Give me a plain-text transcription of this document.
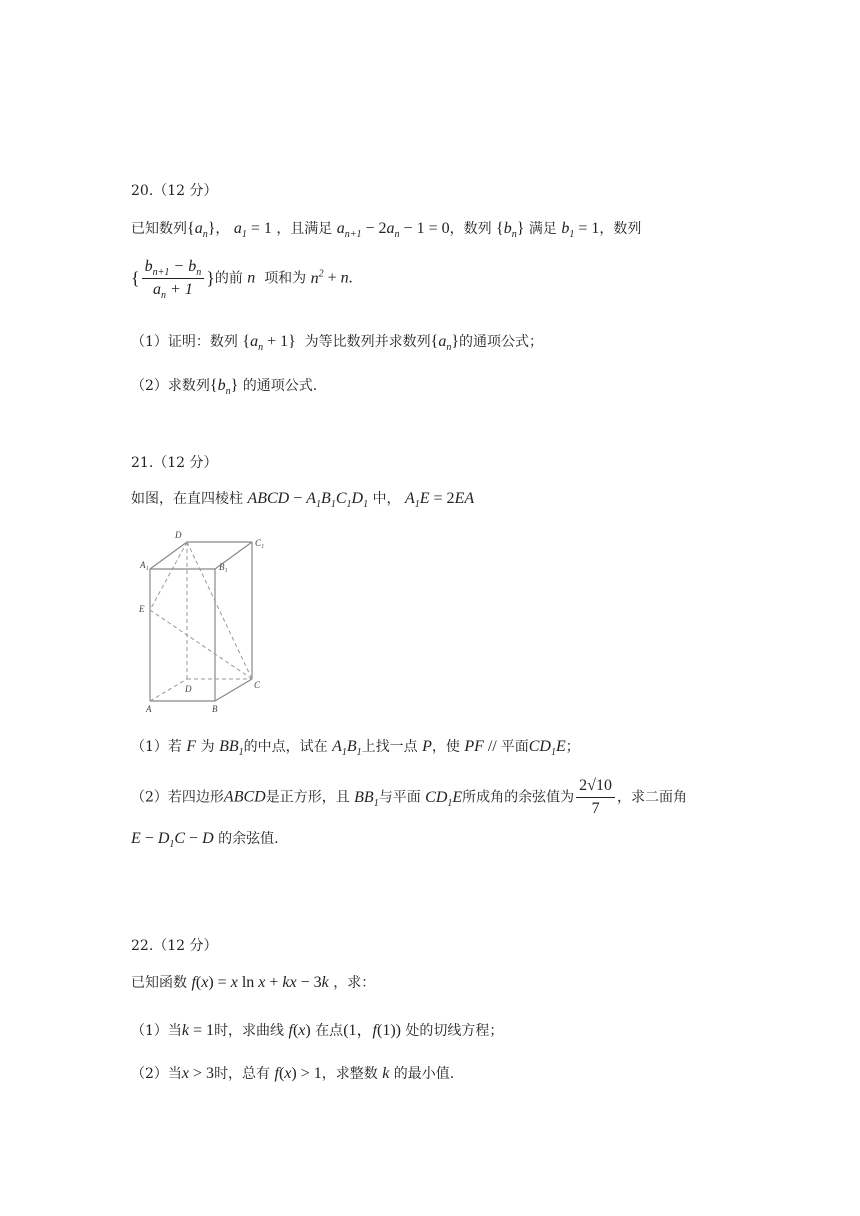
20.（12 分）
已知数列$\{a_n\}$， $a_1 = 1$ ，且满足 $a_{n+1} - 2a_n - 1 = 0$，数列 $\{b_n\}$ 满足 $b_1 = 1$，数列
{ $\frac{b_{n+1} - b_n}{a_n + 1}$ }的前 n 项和为 $n^2 + n$.
（1）证明：数列 $\{a_n + 1\}$ 为等比数列并求数列$\{a_n\}$的通项公式；
（2）求数列$\{b_n\}$ 的通项公式.
21.（12 分）
如图，在直四棱柱 ABCD − $A_1B_1C_1D_1$ 中， $A_1E = 2EA$
D
C₁
A₁	B₁
E
D	C
A	B
（1）若 F 为 $BB_1$的中点，试在 $A_1B_1$上找一点 P，使 PF // 平面$CD_1E$；
（2）若四边形ABCD是正方形，且 $BB_1$与平面 $CD_1E$所成角的余弦值为 $\frac{2√10}{7}$ ，求二面角
$E - D_1C - D$ 的余弦值.
22.（12 分）
已知函数 f(x) = x ln x + kx − 3k ，求：
（1）当k = 1时，求曲线 f(x) 在点(1，f(1)) 处的切线方程；
（2）当x > 3时，总有 f(x) > 1，求整数 k 的最小值.
